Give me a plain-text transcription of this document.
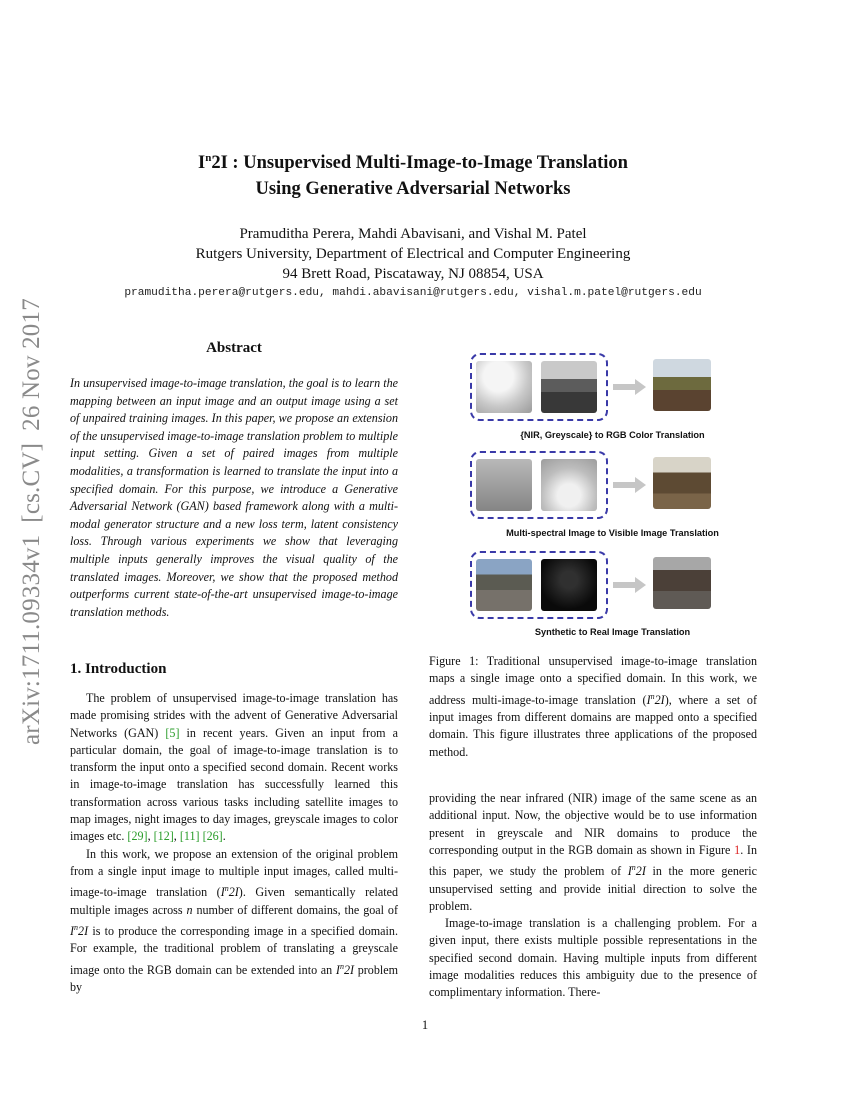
arXiv:1711.09334v1
[cs.CV]
26 Nov 2017
$I^n2I$ : Unsupervised Multi-Image-to-Image Translation
Using Generative Adversarial Networks
Pramuditha Perera, Mahdi Abavisani, and Vishal M. Patel
Rutgers University, Department of Electrical and Computer Engineering
94 Brett Road, Piscataway, NJ 08854, USA
pramuditha.perera@rutgers.edu, mahdi.abavisani@rutgers.edu, vishal.m.patel@rutgers.edu
Abstract
In unsupervised image-to-image translation, the goal is to learn the mapping between an input image and an output image using a set of unpaired training images. In this paper, we propose an extension of the unsupervised image-to-image translation problem to multiple input setting. Given a set of paired images from multiple modalities, a transformation is learned to translate the input into a specified domain. For this purpose, we introduce a Generative Adversarial Network (GAN) based framework along with a multi-modal generator structure and a new loss term, latent consistency loss. Through various experiments we show that leveraging multiple inputs generally improves the visual quality of the translated images. Moreover, we show that the proposed method outperforms current state-of-the-art unsupervised image-to-image translation methods.
1. Introduction

The problem of unsupervised image-to-image translation has made promising strides with the advent of Generative Adversarial Networks (GAN) [5] in recent years. Given an input from a particular domain, the goal of image-to-image translation is to transform the input onto a specified second domain. Recent works in image-to-image translation has successfully learned this transformation across various tasks including satellite images to map images, night images to day images, greyscale images to color images etc. [29], [12], [11] [26].

In this work, we propose an extension of the original problem from a single input image to multiple input images, called multi-image-to-image translation $(I^n2I)$. Given semantically related multiple images across n number of different domains, the goal of $I^n2I$ is to produce the corresponding image in a specified domain. For example, the traditional problem of translating a greyscale image onto the RGB domain can be extended into an $I^n2I$ problem by

{NIR, Greyscale} to RGB Color Translation
Multi-spectral Image to Visible Image Translation
Synthetic to Real Image Translation
Figure 1: Traditional unsupervised image-to-image translation maps a single image onto a specified domain. In this work, we address multi-image-to-image translation $(I^n2I)$, where a set of input images from different domains are mapped onto a specified domain. This figure illustrates three applications of the proposed method.

providing the near infrared (NIR) image of the same scene as an additional input. Now, the objective would be to use information present in greyscale and NIR domains to produce the corresponding output in the RGB domain as shown in Figure 1. In this paper, we study the problem of $I^n2I$ in the more generic unsupervised setting and provide initial direction to solve the problem.

Image-to-image translation is a challenging problem. For a given input, there exists multiple possible representations in the specified second domain. Having multiple inputs from different image modalities reduces this ambiguity due to the presence of complimentary information. There-

1
